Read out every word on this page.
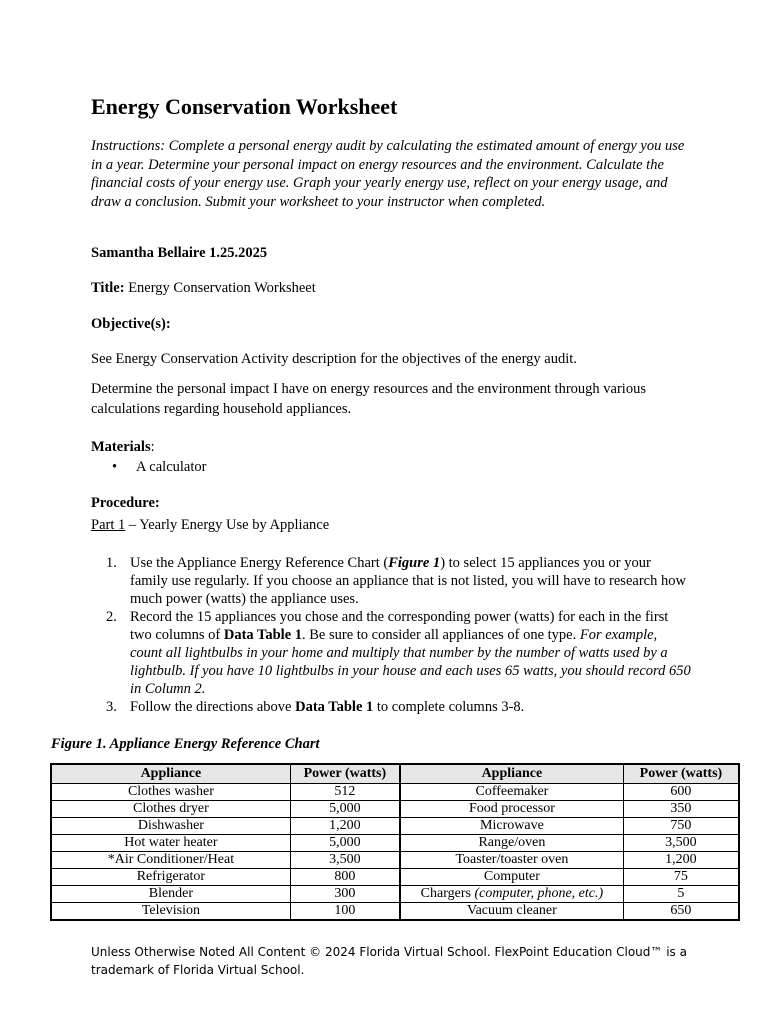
Energy Conservation Worksheet
Instructions: Complete a personal energy audit by calculating the estimated amount of energy you use in a year. Determine your personal impact on energy resources and the environment. Calculate the financial costs of your energy use. Graph your yearly energy use, reflect on your energy usage, and draw a conclusion. Submit your worksheet to your instructor when completed.
Samantha Bellaire 1.25.2025
Title: Energy Conservation Worksheet
Objective(s):
See Energy Conservation Activity description for the objectives of the energy audit.
Determine the personal impact I have on energy resources and the environment through various calculations regarding household appliances.
Materials:
• A calculator
Procedure:
Part 1 – Yearly Energy Use by Appliance
1. Use the Appliance Energy Reference Chart (Figure 1) to select 15 appliances you or your family use regularly. If you choose an appliance that is not listed, you will have to research how much power (watts) the appliance uses.
2. Record the 15 appliances you chose and the corresponding power (watts) for each in the first two columns of Data Table 1. Be sure to consider all appliances of one type. For example, count all lightbulbs in your home and multiply that number by the number of watts used by a lightbulb. If you have 10 lightbulbs in your house and each uses 65 watts, you should record 650 in Column 2.
3. Follow the directions above Data Table 1 to complete columns 3-8.
Figure 1. Appliance Energy Reference Chart
Appliance	Power (watts)	Appliance	Power (watts)
Clothes washer	512	Coffeemaker	600
Clothes dryer	5,000	Food processor	350
Dishwasher	1,200	Microwave	750
Hot water heater	5,000	Range/oven	3,500
*Air Conditioner/Heat	3,500	Toaster/toaster oven	1,200
Refrigerator	800	Computer	75
Blender	300	Chargers (computer, phone, etc.)	5
Television	100	Vacuum cleaner	650
Unless Otherwise Noted All Content © 2024 Florida Virtual School. FlexPoint Education Cloud™ is a trademark of Florida Virtual School.
